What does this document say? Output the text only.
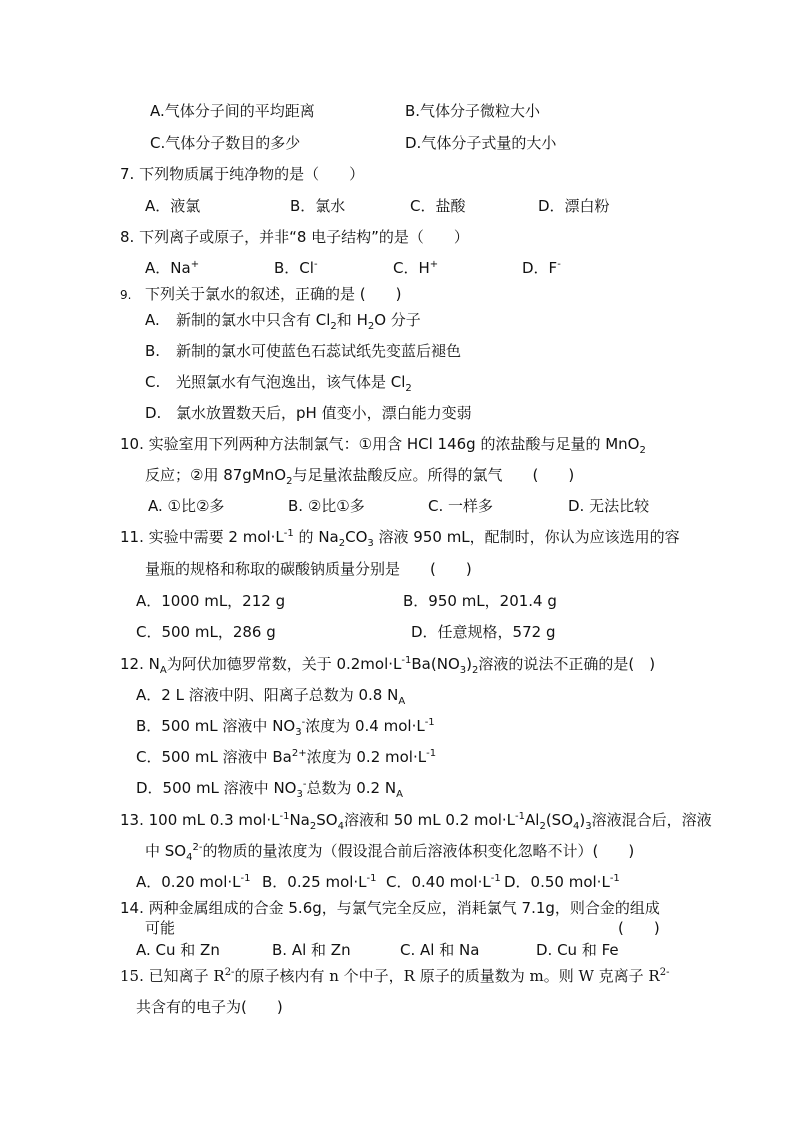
A.气体分子间的平均距离	B.气体分子微粒大小
C.气体分子数目的多少	D.气体分子式量的大小
7. 下列物质属于纯净物的是（　　）
A．液氯	B．氯水	C．盐酸	D．漂白粉
8. 下列离子或原子，并非“8 电子结构”的是（　　）
A．Na+	B．Cl-	C．H+	D．F-
9. 下列关于氯水的叙述，正确的是 (　　)
A. 新制的氯水中只含有 $Cl_2$和 $H_2O$ 分子
B. 新制的氯水可使蓝色石蕊试纸先变蓝后褪色
C. 光照氯水有气泡逸出，该气体是 $Cl_2$
D. 氯水放置数天后，pH 值变小，漂白能力变弱
10. 实验室用下列两种方法制氯气：①用含 HCl 146g 的浓盐酸与足量的 MnO$_2$
反应；②用 87gMnO$_2$与足量浓盐酸反应。所得的氯气　　(　　)
A. ①比②多	B. ②比①多	C. 一样多	D. 无法比较
11. 实验中需要 2 $mol\cdot L^{-1}$ 的 $Na_2CO_3$ 溶液 950 mL，配制时，你认为应该选用的容
量瓶的规格和称取的碳酸钠质量分别是　　(　　)
A．1000 mL，212 g	B．950 mL，201.4 g
C．500 mL，286 g	D．任意规格，572 g
12. $N_A$为阿伏加德罗常数，关于 $0.2mol\cdot L^{-1}Ba(NO_3)_2$溶液的说法不正确的是(　)
A．2 L 溶液中阴、阳离子总数为 0.8 $N_A$
B．500 mL 溶液中 $NO_3^-$浓度为 0.4 $mol\cdot L^{-1}$
C．500 mL 溶液中 $Ba^{2+}$浓度为 0.2 $mol\cdot L^{-1}$
D．500 mL 溶液中 $NO_3^-$总数为 0.2 $N_A$
13. 100 mL 0.3 $mol\cdot L^{-1}Na_2SO_4$溶液和 50 mL 0.2 $mol\cdot L^{-1}Al_2(SO_4)_3$溶液混合后，溶液
中 $SO_4^{2-}$的物质的量浓度为（假设混合前后溶液体积变化忽略不计）(　　)
A．0.20 $mol\cdot L^{-1}$ B．0.25 $mol\cdot L^{-1}$ C．0.40 $mol\cdot L^{-1}$ D．0.50 $mol\cdot L^{-1}$
14. 两种金属组成的合金 5.6g，与氯气完全反应，消耗氯气 7.1g，则合金的组成
可能	(　　)
A. Cu 和 Zn	B. Al 和 Zn	C. Al 和 Na	D. Cu 和 Fe
15. 已知离子 $R^{2-}$的原子核内有 n 个中子，R 原子的质量数为 m。则 W 克离子 $R^{2-}$
共含有的电子为(　　)
